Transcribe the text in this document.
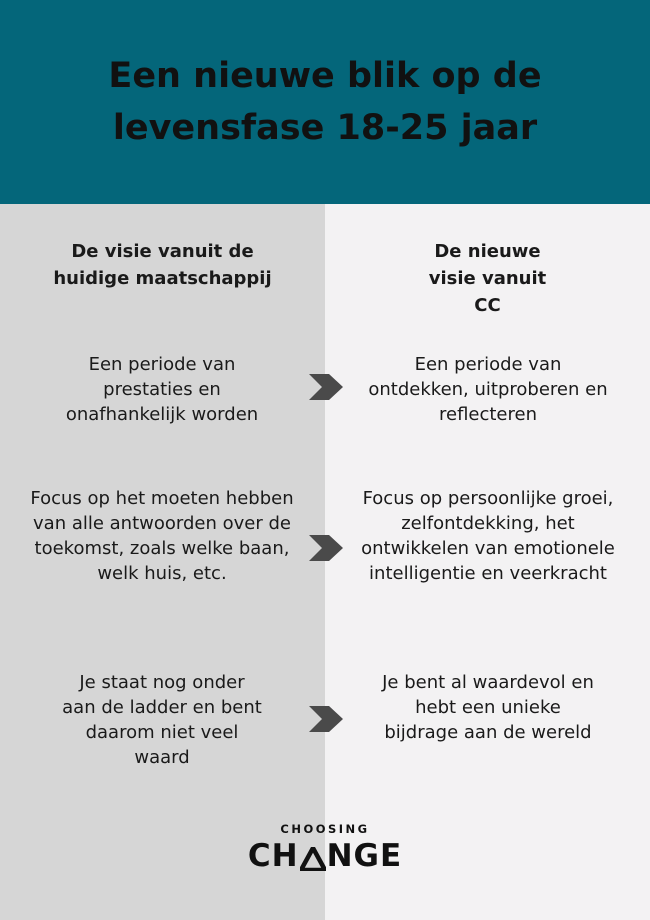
Een nieuwe blik op de levensfase 18-25 jaar
De visie vanuit de huidige maatschappij
De nieuwe visie vanuit CC
Een periode van prestaties en onafhankelijk worden
Een periode van ontdekken, uitproberen en reflecteren
Focus op het moeten hebben van alle antwoorden over de toekomst, zoals welke baan, welk huis, etc.
Focus op persoonlijke groei, zelfontdekking, het ontwikkelen van emotionele intelligentie en veerkracht
Je staat nog onder aan de ladder en bent daarom niet veel waard
Je bent al waardevol en hebt een unieke bijdrage aan de wereld
CHOOSING
CH NGE
